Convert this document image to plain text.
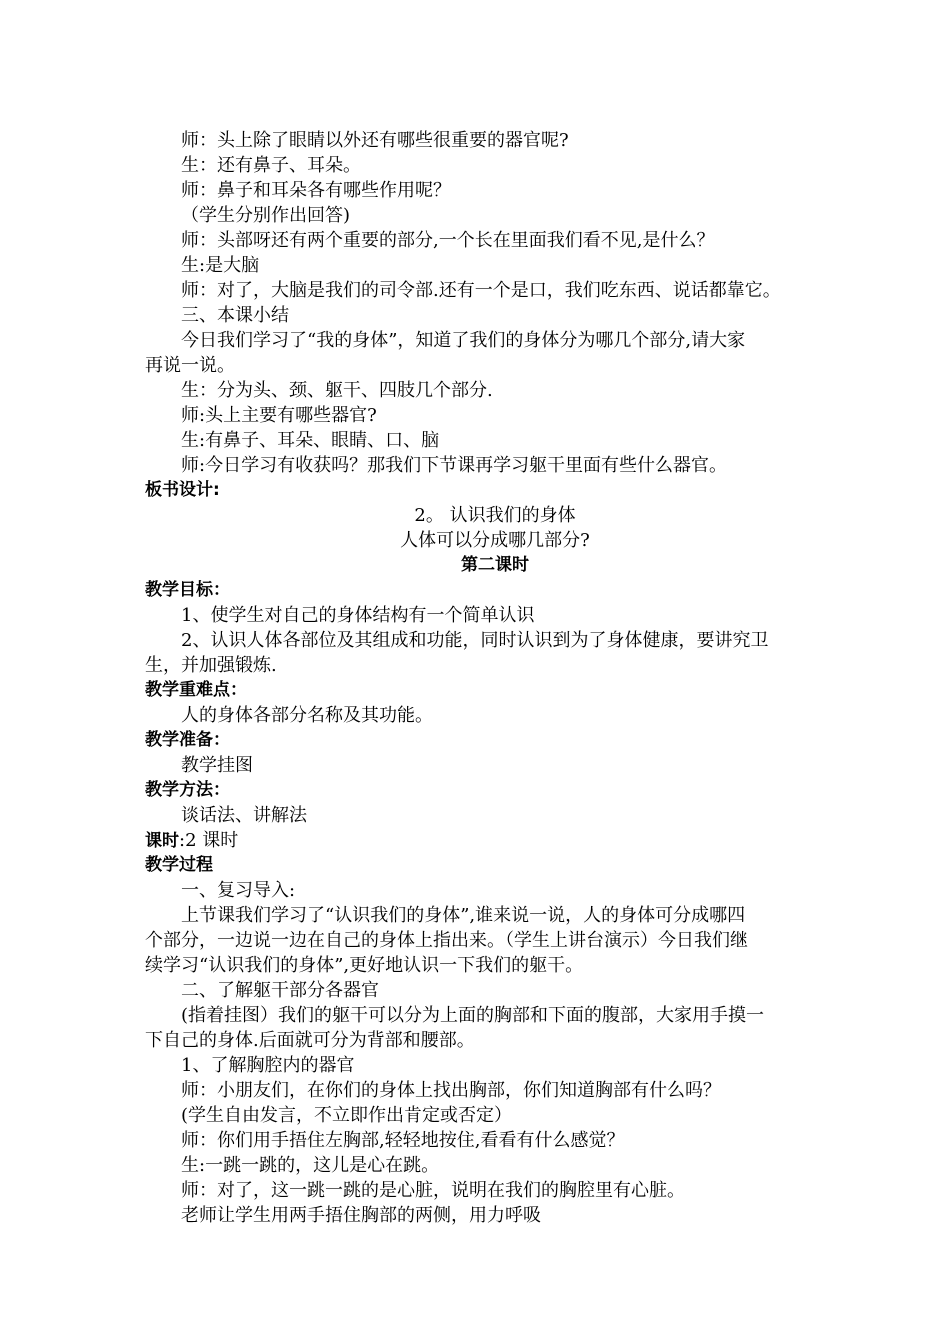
师：头上除了眼睛以外还有哪些很重要的器官呢?
生：还有鼻子、耳朵。
师：鼻子和耳朵各有哪些作用呢？
（学生分别作出回答)
师：头部呀还有两个重要的部分,一个长在里面我们看不见,是什么？
生:是大脑
师：对了，大脑是我们的司令部.还有一个是口，我们吃东西、说话都靠它。
三、本课小结
今日我们学习了“我的身体”，知道了我们的身体分为哪几个部分,请大家
再说一说。
生：分为头、颈、躯干、四肢几个部分.
师:头上主要有哪些器官?
生:有鼻子、耳朵、眼睛、口、脑
师:今日学习有收获吗？那我们下节课再学习躯干里面有些什么器官。
板书设计:
2。 认识我们的身体
人体可以分成哪几部分?
第二课时
教学目标：
1、使学生对自己的身体结构有一个简单认识
2、认识人体各部位及其组成和功能，同时认识到为了身体健康，要讲究卫
生，并加强锻炼.
教学重难点：
人的身体各部分名称及其功能。
教学准备：
教学挂图
教学方法：
谈话法、讲解法
课时:2 课时
教学过程
一、复习导入:
上节课我们学习了“认识我们的身体”,谁来说一说，人的身体可分成哪四
个部分，一边说一边在自己的身体上指出来。（学生上讲台演示）今日我们继
续学习“认识我们的身体”,更好地认识一下我们的躯干。
二、了解躯干部分各器官
(指着挂图）我们的躯干可以分为上面的胸部和下面的腹部，大家用手摸一
下自己的身体.后面就可分为背部和腰部。
1、了解胸腔内的器官
师：小朋友们，在你们的身体上找出胸部，你们知道胸部有什么吗？
(学生自由发言，不立即作出肯定或否定）
师：你们用手捂住左胸部,轻轻地按住,看看有什么感觉？
生:一跳一跳的，这儿是心在跳。
师：对了，这一跳一跳的是心脏，说明在我们的胸腔里有心脏。
老师让学生用两手捂住胸部的两侧，用力呼吸
